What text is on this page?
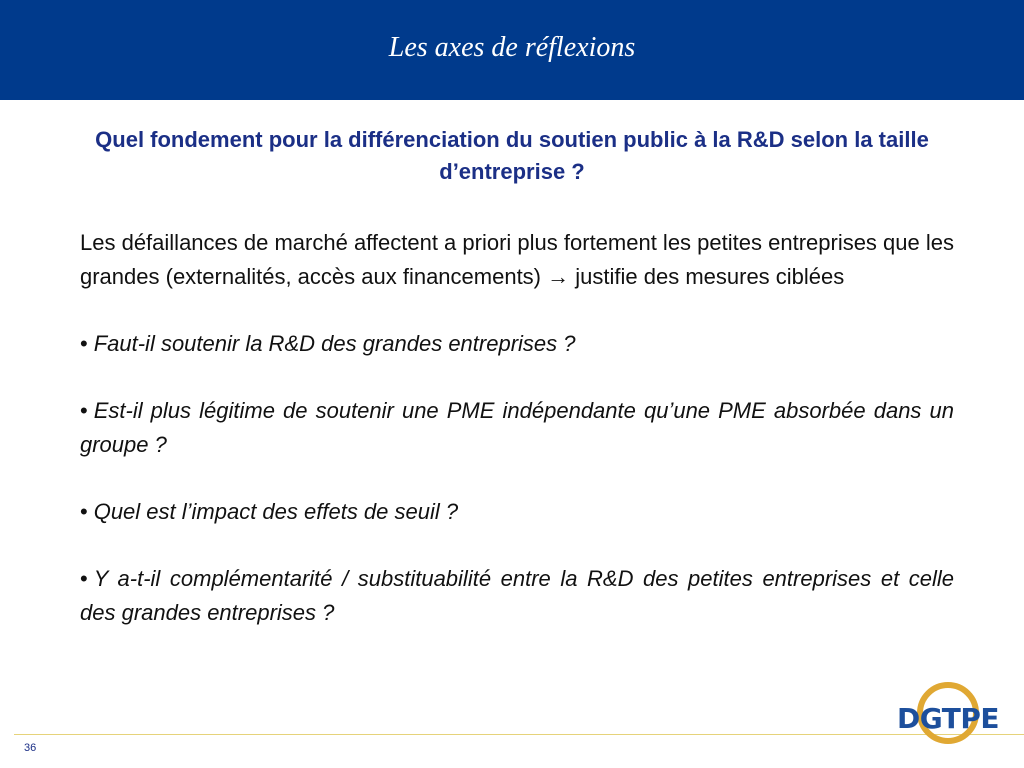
Les axes de réflexions
Quel fondement pour la différenciation du soutien public à la R&D selon la taille d’entreprise ?

Les défaillances de marché affectent a priori plus fortement les petites entreprises que les grandes (externalités, accès aux financements) → justifie des mesures ciblées

• Faut-il soutenir la R&D des grandes entreprises ?

• Est-il plus légitime de soutenir une PME indépendante qu’une PME absorbée dans un groupe ?

• Quel est l’impact des effets de seuil ?

• Y a-t-il complémentarité / substituabilité entre la R&D des petites entreprises et celle des grandes entreprises ?

36
DGTPE
